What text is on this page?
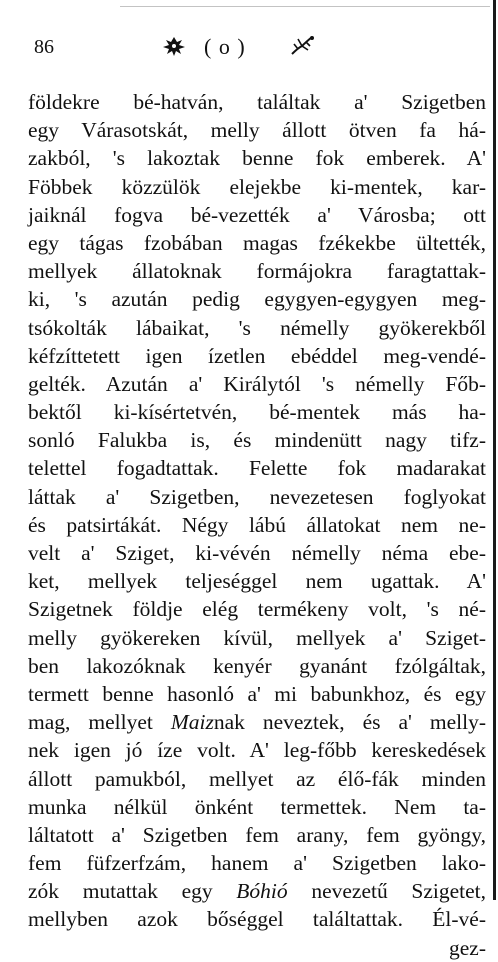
86	( o )
földekre bé-hatván, találtak a' Szigetben
egy Várasotskát, melly állott ötven fa há-
zakból, 's lakoztak benne fok emberek. A'
Föbbek közzülök elejekbe ki-mentek, kar-
jaiknál fogva bé-vezették a' Városba; ott
egy tágas fzobában magas fzékekbe ültették,
mellyek állatoknak formájokra faragtattak-
ki, 's azután pedig egygyen-egygyen meg-
tsókolták lábaikat, 's némelly gyökerekből
kéfzíttetett igen ízetlen ebéddel meg-vendé-
gelték. Azután a' Királytól 's némelly Főb-
bektől ki-kísértetvén, bé-mentek más ha-
sonló Falukba is, és mindenütt nagy tifz-
telettel fogadtattak. Felette fok madarakat
láttak a' Szigetben, nevezetesen foglyokat
és patsirtákát. Négy lábú állatokat nem ne-
velt a' Sziget, ki-vévén némelly néma ebe-
ket, mellyek teljeséggel nem ugattak. A'
Szigetnek földje elég termékeny volt, 's né-
melly gyökereken kívül, mellyek a' Sziget-
ben lakozóknak kenyér gyanánt fzólgáltak,
termett benne hasonló a' mi babunkhoz, és egy
mag, mellyet Maiznak neveztek, és a' melly-
nek igen jó íze volt. A' leg-főbb kereskedések
állott pamukból, mellyet az élő-fák minden
munka nélkül önként termettek. Nem ta-
láltatott a' Szigetben fem arany, fem gyöngy,
fem füfzerfzám, hanem a' Szigetben lako-
zók mutattak egy Bóhió nevezetű Szigetet,
mellyben azok bőséggel találtattak. Él-vé-
gez-
